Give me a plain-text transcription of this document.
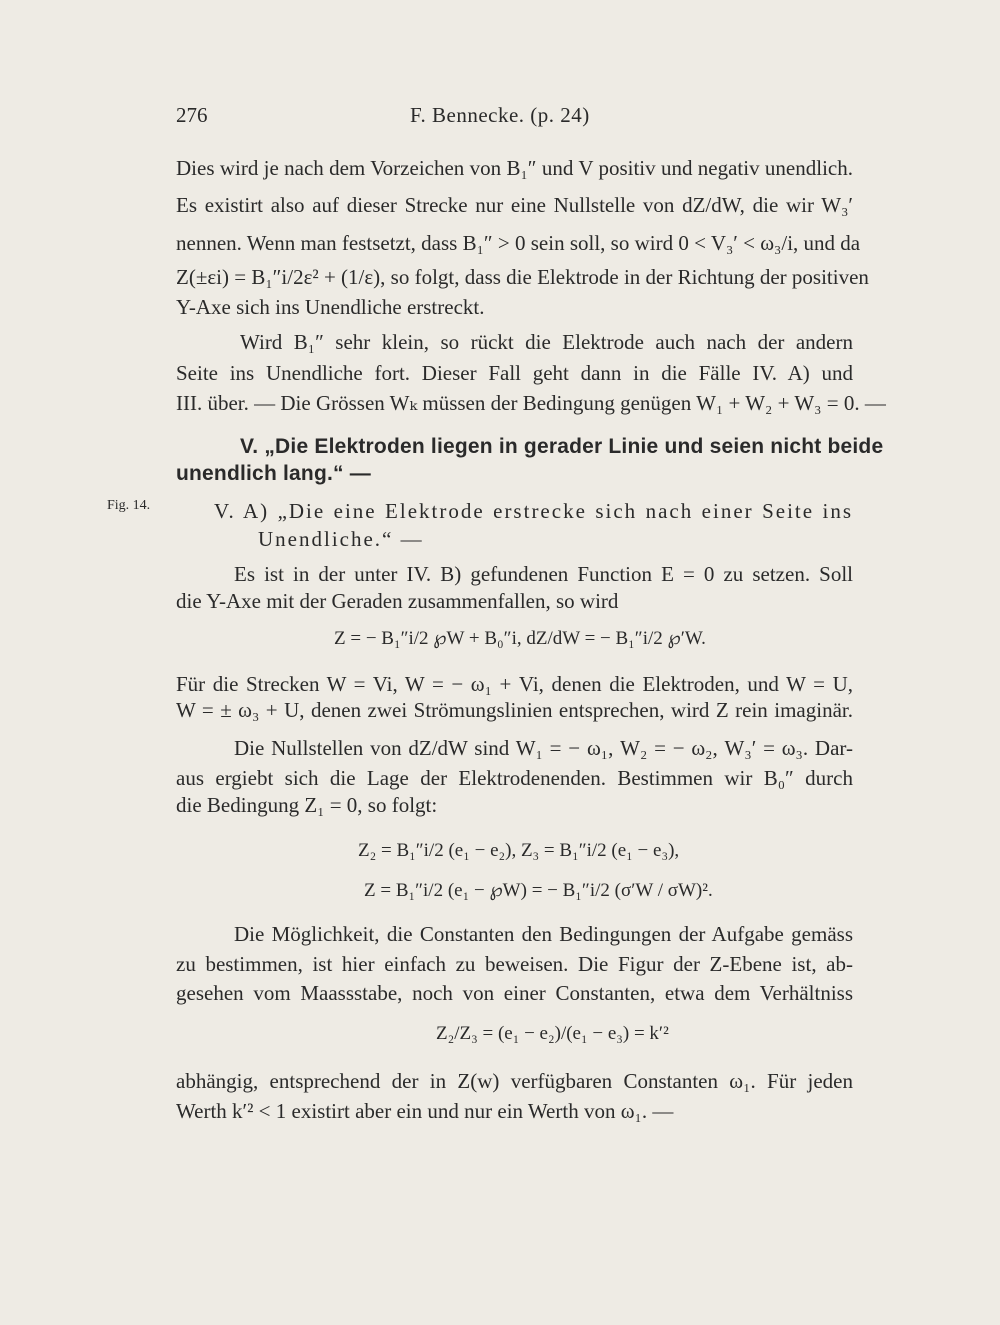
276	F. Bennecke. (p. 24)
Dies wird je nach dem Vorzeichen von B₁″ und V positiv und negativ unendlich.
Es existirt also auf dieser Strecke nur eine Nullstelle von dZ/dW, die wir W₃′
nennen. Wenn man festsetzt, dass B₁″ > 0 sein soll, so wird 0 < V₃′ < ω₃/i, und da
Z(±εi) = B₁″i/2ε² + (1/ε), so folgt, dass die Elektrode in der Richtung der positiven
Y-Axe sich ins Unendliche erstreckt.
Wird B₁″ sehr klein, so rückt die Elektrode auch nach der andern
Seite ins Unendliche fort. Dieser Fall geht dann in die Fälle IV. A) und
III. über. — Die Grössen Wₖ müssen der Bedingung genügen W₁ + W₂ + W₃ = 0. —
V. „Die Elektroden liegen in gerader Linie und seien nicht beide
unendlich lang.“ —
Fig. 14.	V. A) „Die eine Elektrode erstrecke sich nach einer Seite ins
Unendliche.“ —
Es ist in der unter IV. B) gefundenen Function E = 0 zu setzen. Soll
die Y-Axe mit der Geraden zusammenfallen, so wird
Z = − B₁″i/2 ℘W + B₀″i, dZ/dW = − B₁″i/2 ℘′W.
Für die Strecken W = Vi, W = − ω₁ + Vi, denen die Elektroden, und W = U,
W = ± ω₃ + U, denen zwei Strömungslinien entsprechen, wird Z rein imaginär.
Die Nullstellen von dZ/dW sind W₁ = − ω₁, W₂ = − ω₂, W₃′ = ω₃. Dar-
aus ergiebt sich die Lage der Elektrodenenden. Bestimmen wir B₀″ durch
die Bedingung Z₁ = 0, so folgt:
Z₂ = B₁″i/2 (e₁ − e₂), Z₃ = B₁″i/2 (e₁ − e₃),
Z = B₁″i/2 (e₁ − ℘W) = − B₁″i/2 (σ′W / σW)².
Die Möglichkeit, die Constanten den Bedingungen der Aufgabe gemäss
zu bestimmen, ist hier einfach zu beweisen. Die Figur der Z-Ebene ist, ab-
gesehen vom Maassstabe, noch von einer Constanten, etwa dem Verhältniss
Z₂/Z₃ = (e₁ − e₂)/(e₁ − e₃) = k′²
abhängig, entsprechend der in Z(w) verfügbaren Constanten ω₁. Für jeden
Werth k′² < 1 existirt aber ein und nur ein Werth von ω₁. —
